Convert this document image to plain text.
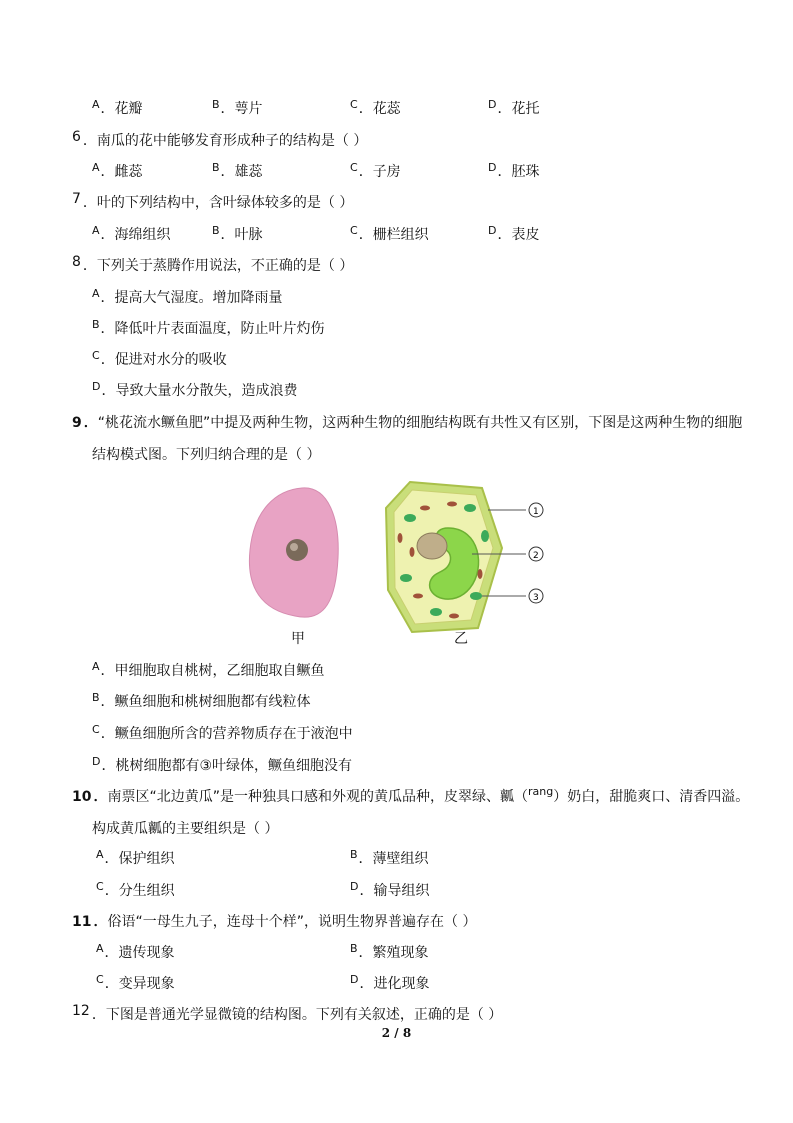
$^A$．花瓣	$^B$．萼片	$^C$．花蕊	$^D$．花托
6 ．南瓜的花中能够发育形成种子的结构是（ ）
$^A$．雌蕊	$^B$．雄蕊	$^C$．子房	$^D$．胚珠
7 ．叶的下列结构中，含叶绿体较多的是（ ）
$^A$．海绵组织	$^B$．叶脉	$^C$．栅栏组织	$^D$．表皮
8 ．下列关于蒸腾作用说法，不正确的是（ ）
$^A$．提高大气湿度。增加降雨量
$^B$．降低叶片表面温度，防止叶片灼伤
$^C$．促进对水分的吸收
$^D$．导致大量水分散失，造成浪费
9 ．“桃花流水鳜鱼肥”中提及两种生物，这两种生物的细胞结构既有共性又有区别，下图是这两种生物的细胞
结构模式图。下列归纳合理的是（ ）
甲	乙
1
2
3
$^A$．甲细胞取自桃树，乙细胞取自鳜鱼
$^B$．鳜鱼细胞和桃树细胞都有线粒体
$^C$．鳜鱼细胞所含的营养物质存在于液泡中
$^D$．桃树细胞都有③叶绿体，鳜鱼细胞没有
10 ．南票区“北边黄瓜”是一种独具口感和外观的黄瓜品种，皮翠绿、瓤（$^{rang}$）奶白，甜脆爽口、清香四溢。
构成黄瓜瓤的主要组织是（ ）
$^A$．保护组织	$^B$．薄壁组织
$^C$．分生组织	$^D$．输导组织
11 ．俗语“一母生九子，连母十个样”，说明生物界普遍存在（ ）
$^A$．遗传现象	$^B$．繁殖现象
$^C$．变异现象	$^D$．进化现象
12 ．下图是普通光学显微镜的结构图。下列有关叙述，正确的是（ ）
2 / 8
